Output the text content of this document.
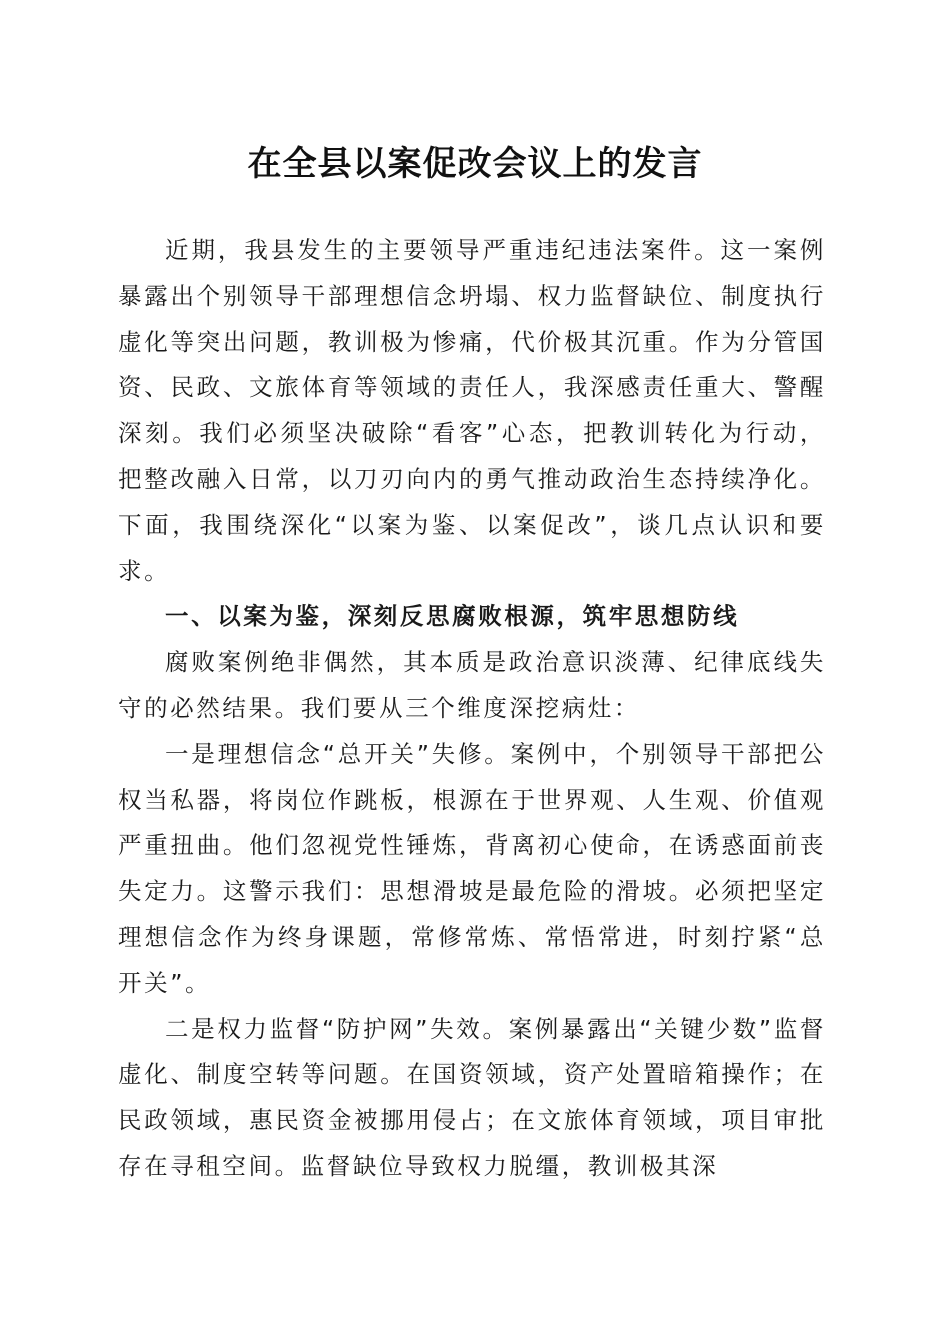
在全县以案促改会议上的发言

近期，我县发生的主要领导严重违纪违法案件。这一案例暴露出个别领导干部理想信念坍塌、权力监督缺位、制度执行虚化等突出问题，教训极为惨痛，代价极其沉重。作为分管国资、民政、文旅体育等领域的责任人，我深感责任重大、警醒深刻。我们必须坚决破除“看客”心态，把教训转化为行动，把整改融入日常，以刀刃向内的勇气推动政治生态持续净化。下面，我围绕深化“以案为鉴、以案促改”，谈几点认识和要求。

一、以案为鉴，深刻反思腐败根源，筑牢思想防线

腐败案例绝非偶然，其本质是政治意识淡薄、纪律底线失守的必然结果。我们要从三个维度深挖病灶：

一是理想信念“总开关”失修。案例中，个别领导干部把公权当私器，将岗位作跳板，根源在于世界观、人生观、价值观严重扭曲。他们忽视党性锤炼，背离初心使命，在诱惑面前丧失定力。这警示我们：思想滑坡是最危险的滑坡。必须把坚定理想信念作为终身课题，常修常炼、常悟常进，时刻拧紧“总开关”。

二是权力监督“防护网”失效。案例暴露出“关键少数”监督虚化、制度空转等问题。在国资领域，资产处置暗箱操作；在民政领域，惠民资金被挪用侵占；在文旅体育领域，项目审批存在寻租空间。监督缺位导致权力脱缰，教训极其深
